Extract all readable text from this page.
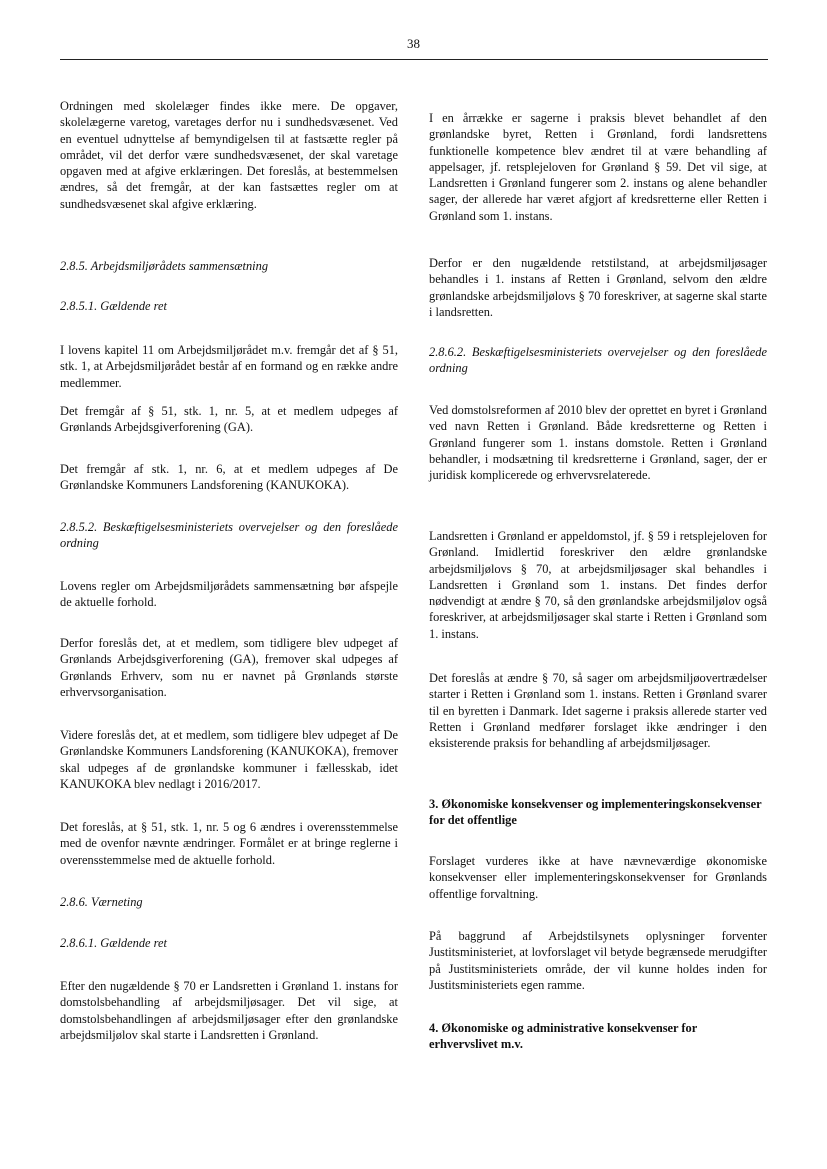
38

Ordningen med skolelæger findes ikke mere. De opgaver, skolelægerne varetog, varetages derfor nu i sundhedsvæsenet. Ved en eventuel udnyttelse af bemyndigelsen til at fastsætte regler på området, vil det derfor være sundhedsvæsenet, der skal varetage opgaven med at afgive erklæringen. Det foreslås, at bestemmelsen ændres, så det fremgår, at der kan fastsættes regler om at sundhedsvæsenet skal afgive erklæring.

2.8.5. Arbejdsmiljørådets sammensætning
2.8.5.1. Gældende ret

I lovens kapitel 11 om Arbejdsmiljørådet m.v. fremgår det af § 51, stk. 1, at Arbejdsmiljørådet består af en formand og en række andre medlemmer.

Det fremgår af § 51, stk. 1, nr. 5, at et medlem udpeges af Grønlands Arbejdsgiverforening (GA).

Det fremgår af stk. 1, nr. 6, at et medlem udpeges af De Grønlandske Kommuners Landsforening (KANUKOKA).

2.8.5.2. Beskæftigelsesministeriets overvejelser og den foreslåede ordning

Lovens regler om Arbejdsmiljørådets sammensætning bør afspejle de aktuelle forhold.

Derfor foreslås det, at et medlem, som tidligere blev udpeget af Grønlands Arbejdsgiverforening (GA), fremover skal udpeges af Grønlands Erhverv, som nu er navnet på Grønlands største erhvervsorganisation.

Videre foreslås det, at et medlem, som tidligere blev udpeget af De Grønlandske Kommuners Landsforening (KANUKOKA), fremover skal udpeges af de grønlandske kommuner i fællesskab, idet KANUKOKA blev nedlagt i 2016/2017.

Det foreslås, at § 51, stk. 1, nr. 5 og 6 ændres i overensstemmelse med de ovenfor nævnte ændringer. Formålet er at bringe reglerne i overensstemmelse med de aktuelle forhold.

2.8.6. Værneting
2.8.6.1. Gældende ret

Efter den nugældende § 70 er Landsretten i Grønland 1. instans for domstolsbehandling af arbejdsmiljøsager. Det vil sige, at domstolsbehandlingen af arbejdsmiljøsager efter den grønlandske arbejdsmiljølov skal starte i Landsretten i Grønland.

I en årrække er sagerne i praksis blevet behandlet af den grønlandske byret, Retten i Grønland, fordi landsrettens funktionelle kompetence blev ændret til at være behandling af appelsager, jf. retsplejeloven for Grønland § 59. Det vil sige, at Landsretten i Grønland fungerer som 2. instans og alene behandler sager, der allerede har været afgjort af kredsretterne eller Retten i Grønland som 1. instans.

Derfor er den nugældende retstilstand, at arbejdsmiljøsager behandles i 1. instans af Retten i Grønland, selvom den ældre grønlandske arbejdsmiljølovs § 70 foreskriver, at sagerne skal starte i landsretten.

2.8.6.2. Beskæftigelsesministeriets overvejelser og den foreslåede ordning

Ved domstolsreformen af 2010 blev der oprettet en byret i Grønland ved navn Retten i Grønland. Både kredsretterne og Retten i Grønland fungerer som 1. instans domstole. Retten i Grønland behandler, i modsætning til kredsretterne i Grønland, sager, der er juridisk komplicerede og erhvervsrelaterede.

Landsretten i Grønland er appeldomstol, jf. § 59 i retsplejeloven for Grønland. Imidlertid foreskriver den ældre grønlandske arbejdsmiljølovs § 70, at arbejdsmiljøsager skal behandles i Landsretten i Grønland som 1. instans. Det findes derfor nødvendigt at ændre § 70, så den grønlandske arbejdsmiljølov også foreskriver, at arbejdsmiljøsager skal starte i Retten i Grønland som 1. instans.

Det foreslås at ændre § 70, så sager om arbejdsmiljøovertrædelser starter i Retten i Grønland som 1. instans. Retten i Grønland svarer til en byretten i Danmark. Idet sagerne i praksis allerede starter ved Retten i Grønland medfører forslaget ikke ændringer i den eksisterende praksis for behandling af arbejdsmiljøsager.

3. Økonomiske konsekvenser og implementeringskonsekvenser for det offentlige

Forslaget vurderes ikke at have nævneværdige økonomiske konsekvenser eller implementeringskonsekvenser for Grønlands offentlige forvaltning.

På baggrund af Arbejdstilsynets oplysninger forventer Justitsministeriet, at lovforslaget vil betyde begrænsede merudgifter på Justitsministeriets område, der vil kunne holdes inden for Justitsministeriets egen ramme.

4. Økonomiske og administrative konsekvenser for erhvervslivet m.v.
